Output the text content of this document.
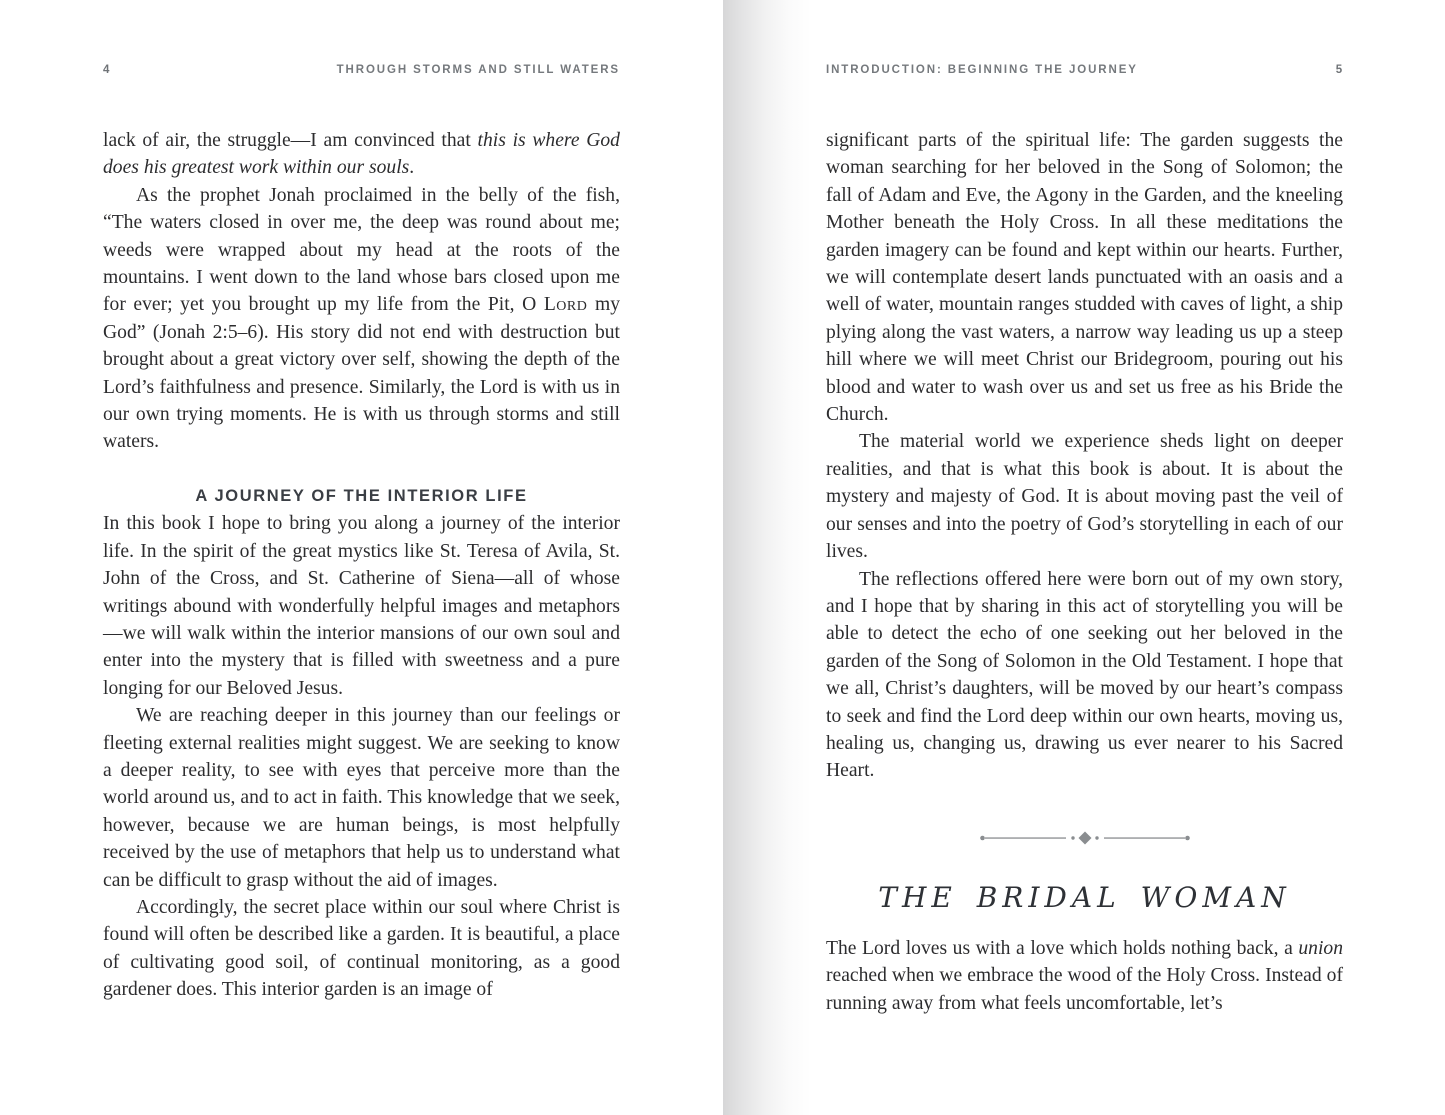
4	THROUGH STORMS AND STILL WATERS

lack of air, the struggle—I am convinced that this is where God does his greatest work within our souls.

As the prophet Jonah proclaimed in the belly of the fish, “The waters closed in over me, the deep was round about me; weeds were wrapped about my head at the roots of the mountains. I went down to the land whose bars closed upon me for ever; yet you brought up my life from the Pit, O Lord my God” (Jonah 2:5–6). His story did not end with destruction but brought about a great victory over self, showing the depth of the Lord’s faithfulness and presence. Similarly, the Lord is with us in our own trying moments. He is with us through storms and still waters.

A JOURNEY OF THE INTERIOR LIFE

In this book I hope to bring you along a journey of the interior life. In the spirit of the great mystics like St. Teresa of Avila, St. John of the Cross, and St. Catherine of Siena—all of whose writings abound with wonderfully helpful images and metaphors—we will walk within the interior mansions of our own soul and enter into the mystery that is filled with sweetness and a pure longing for our Beloved Jesus.

We are reaching deeper in this journey than our feelings or fleeting external realities might suggest. We are seeking to know a deeper reality, to see with eyes that perceive more than the world around us, and to act in faith. This knowledge that we seek, however, because we are human beings, is most helpfully received by the use of metaphors that help us to understand what can be difficult to grasp without the aid of images.

Accordingly, the secret place within our soul where Christ is found will often be described like a garden. It is beautiful, a place of cultivating good soil, of continual monitoring, as a good gardener does. This interior garden is an image of

INTRODUCTION: BEGINNING THE JOURNEY	5

significant parts of the spiritual life: The garden suggests the woman searching for her beloved in the Song of Solomon; the fall of Adam and Eve, the Agony in the Garden, and the kneeling Mother beneath the Holy Cross. In all these meditations the garden imagery can be found and kept within our hearts. Further, we will contemplate desert lands punctuated with an oasis and a well of water, mountain ranges studded with caves of light, a ship plying along the vast waters, a narrow way leading us up a steep hill where we will meet Christ our Bridegroom, pouring out his blood and water to wash over us and set us free as his Bride the Church.

The material world we experience sheds light on deeper realities, and that is what this book is about. It is about the mystery and majesty of God. It is about moving past the veil of our senses and into the poetry of God’s storytelling in each of our lives.

The reflections offered here were born out of my own story, and I hope that by sharing in this act of storytelling you will be able to detect the echo of one seeking out her beloved in the garden of the Song of Solomon in the Old Testament. I hope that we all, Christ’s daughters, will be moved by our heart’s compass to seek and find the Lord deep within our own hearts, moving us, healing us, changing us, drawing us ever nearer to his Sacred Heart.

THE BRIDAL WOMAN

The Lord loves us with a love which holds nothing back, a union reached when we embrace the wood of the Holy Cross. Instead of running away from what feels uncomfortable, let’s
